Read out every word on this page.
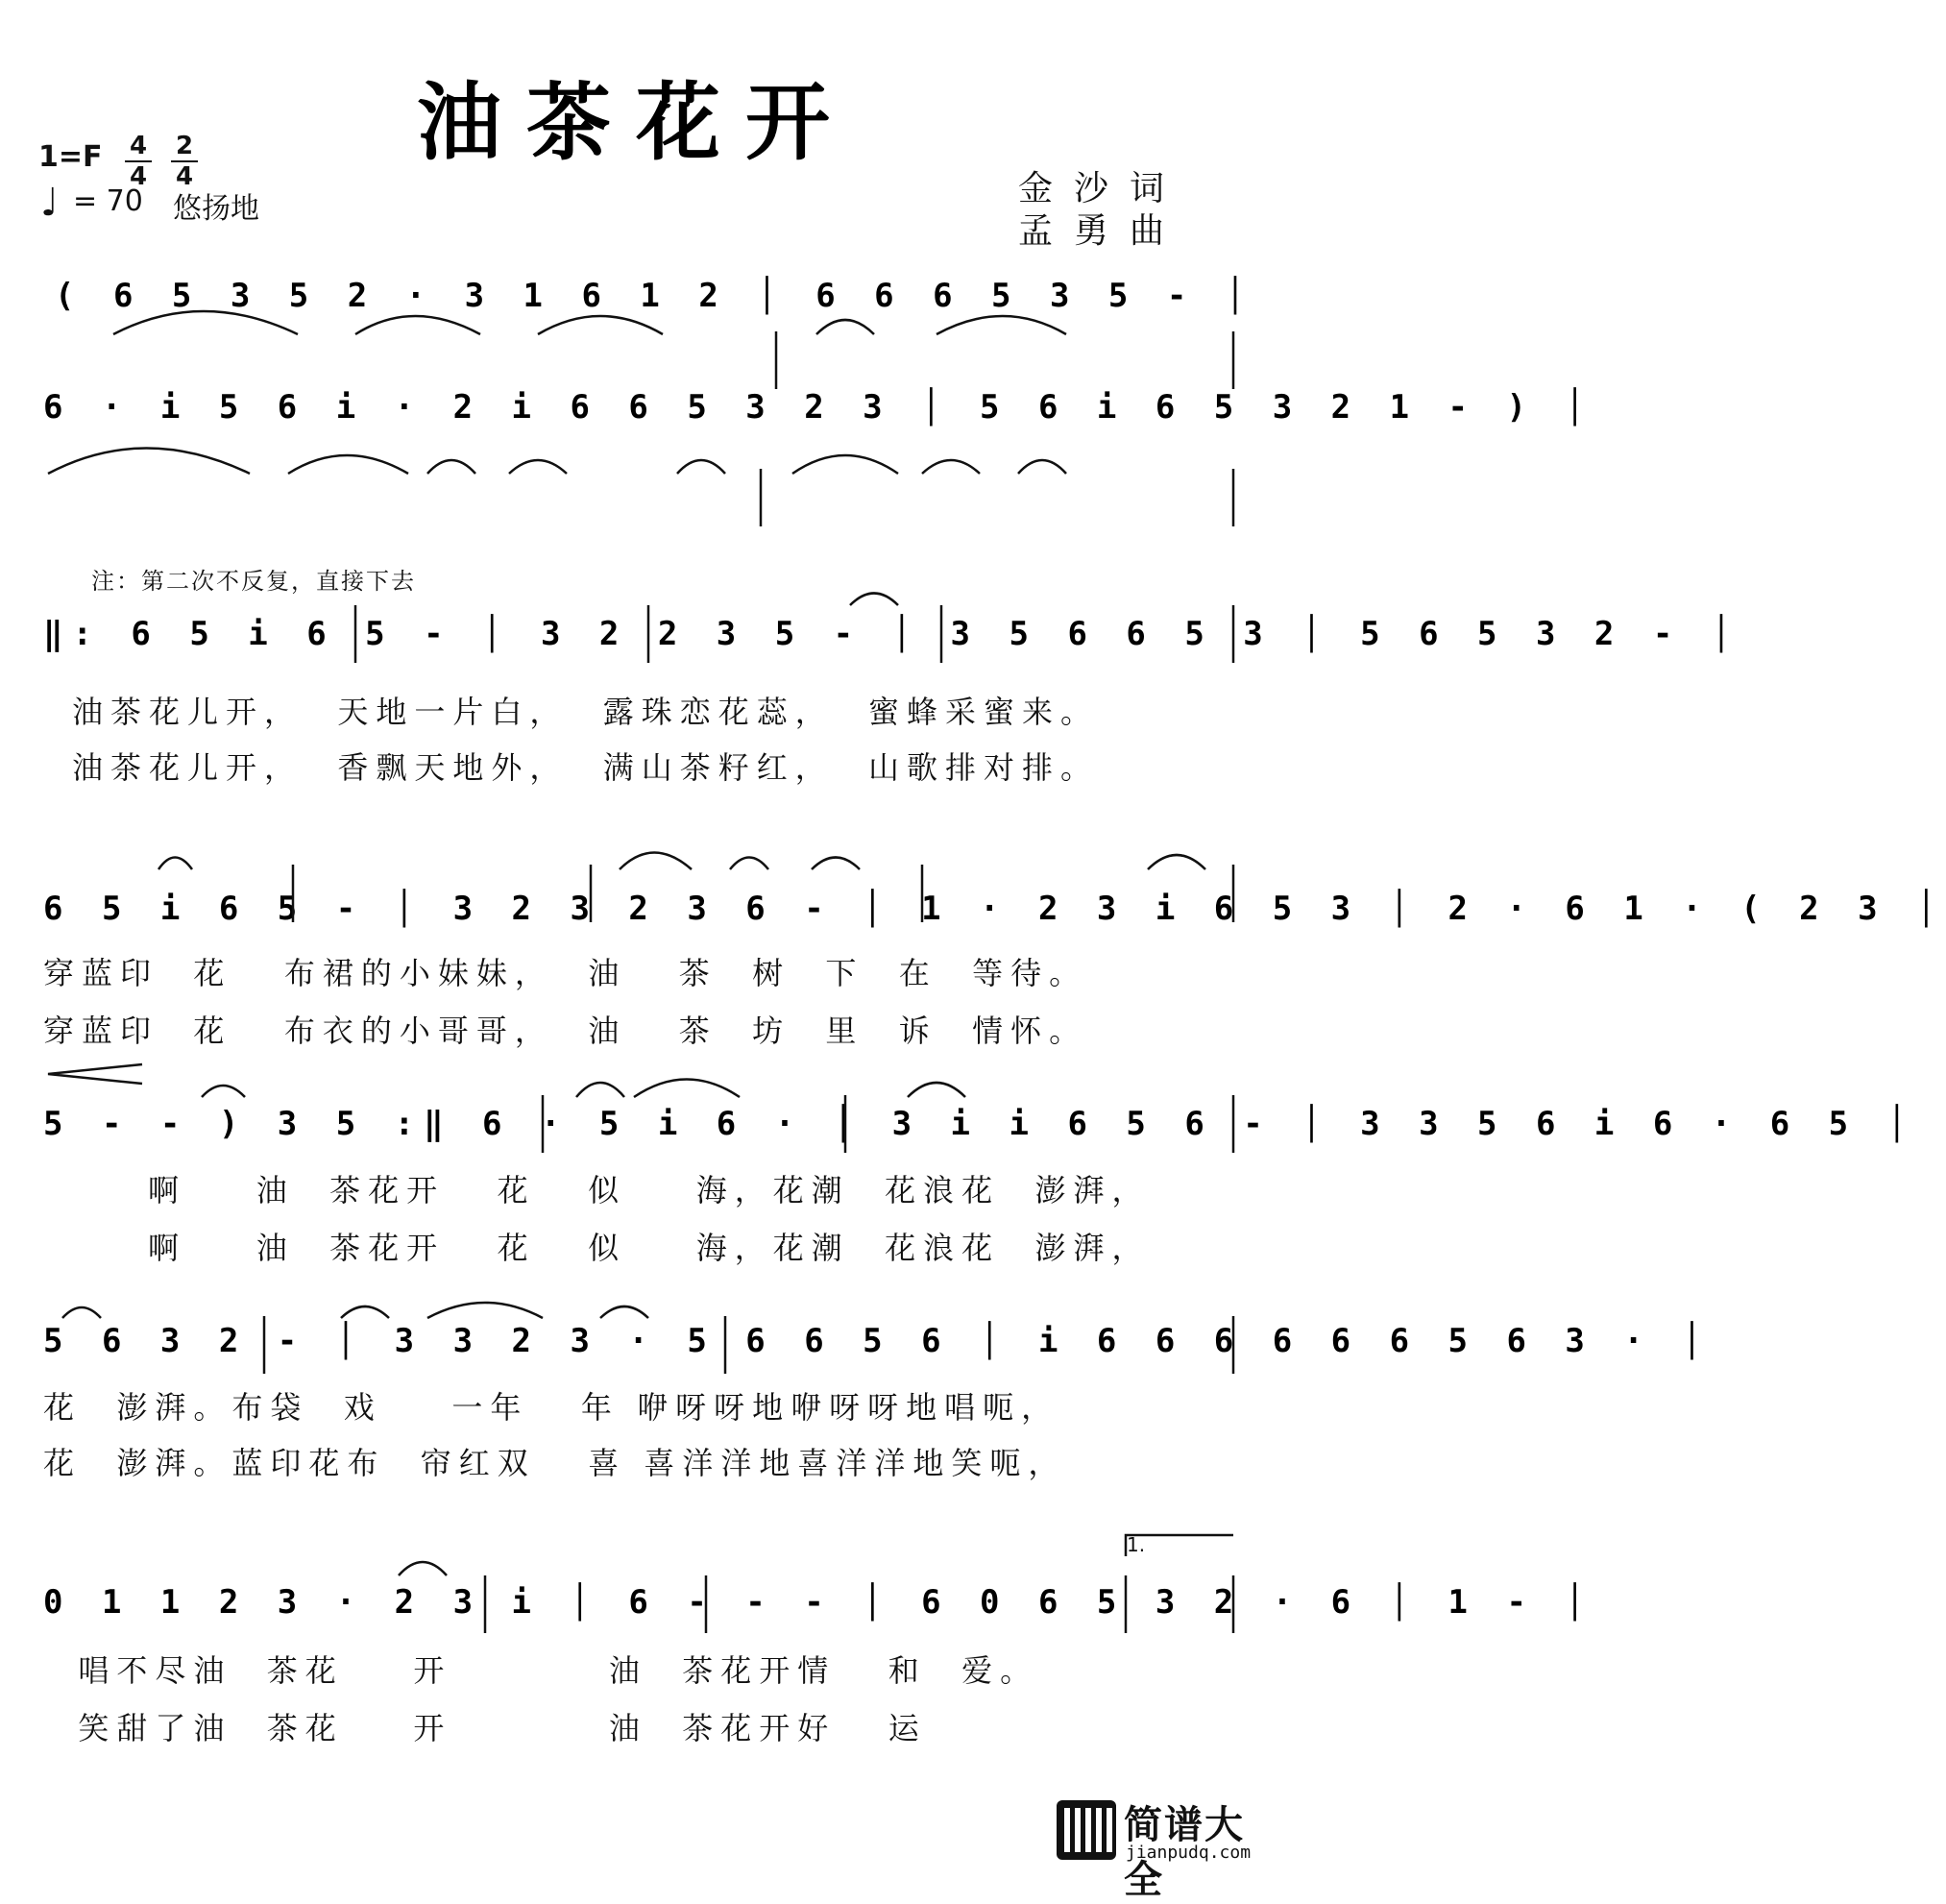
油茶花开
1=F 4
4
2
4
♩ = 70 悠扬地
金沙词
孟勇曲
( 6 5 3 5 2 · 3 1 6 1 2 │ 6 6 6 5 3 5 - │
6 · i 5 6 i · 2 i 6 6 5 3 2 3 │ 5 6 i 6 5 3 2 1 - ) │
注：第二次不反复，直接下去
‖: 6 5 i 6 5 - │ 3 2 2 3 5 - │ 3 5 6 6 5 3 │ 5 6 5 3 2 - │
油茶花儿开，  天地一片白，  露珠恋花蕊，  蜜蜂采蜜来。
油茶花儿开，  香飘天地外，  满山茶籽红，  山歌排对排。
6 5 i 6 5 - │ 3 2 3 2 3 6 - │ 1 · 2 3 i 6 5 3 │ 2 · 6 1 · ( 2 3 │
穿蓝印  花   布裙的小妹妹，  油   茶  树  下  在  等待。
穿蓝印  花   布衣的小哥哥，  油   茶  坊  里  诉  情怀。
5 - - ) 3 5 :‖ 6 · 5 i 6 · │ 3 i i 6 5 6 - │ 3 3 5 6 i 6 · 6 5 │
啊    油  茶花开   花   似    海，花潮  花浪花  澎湃，
啊    油  茶花开   花   似    海，花潮  花浪花  澎湃，
5 6 3 2 - │ 3 3 2 3 · 5 6 6 5 6 │ i 6 6 6 6 6 6 5 6 3 · │
花  澎湃。布袋  戏    一年   年 咿呀呀地咿呀呀地唱呃，
花  澎湃。蓝印花布  帘红双   喜 喜洋洋地喜洋洋地笑呃，
0 1 1 2 3 · 2 3 i │ 6 - - - │ 6 0 6 5 3 2 · 6 │ 1 - │
唱不尽油  茶花    开         油  茶花开情   和  爱。
笑甜了油  茶花    开         油  茶花开好   运
1.
简谱大全
jianpudq.com
